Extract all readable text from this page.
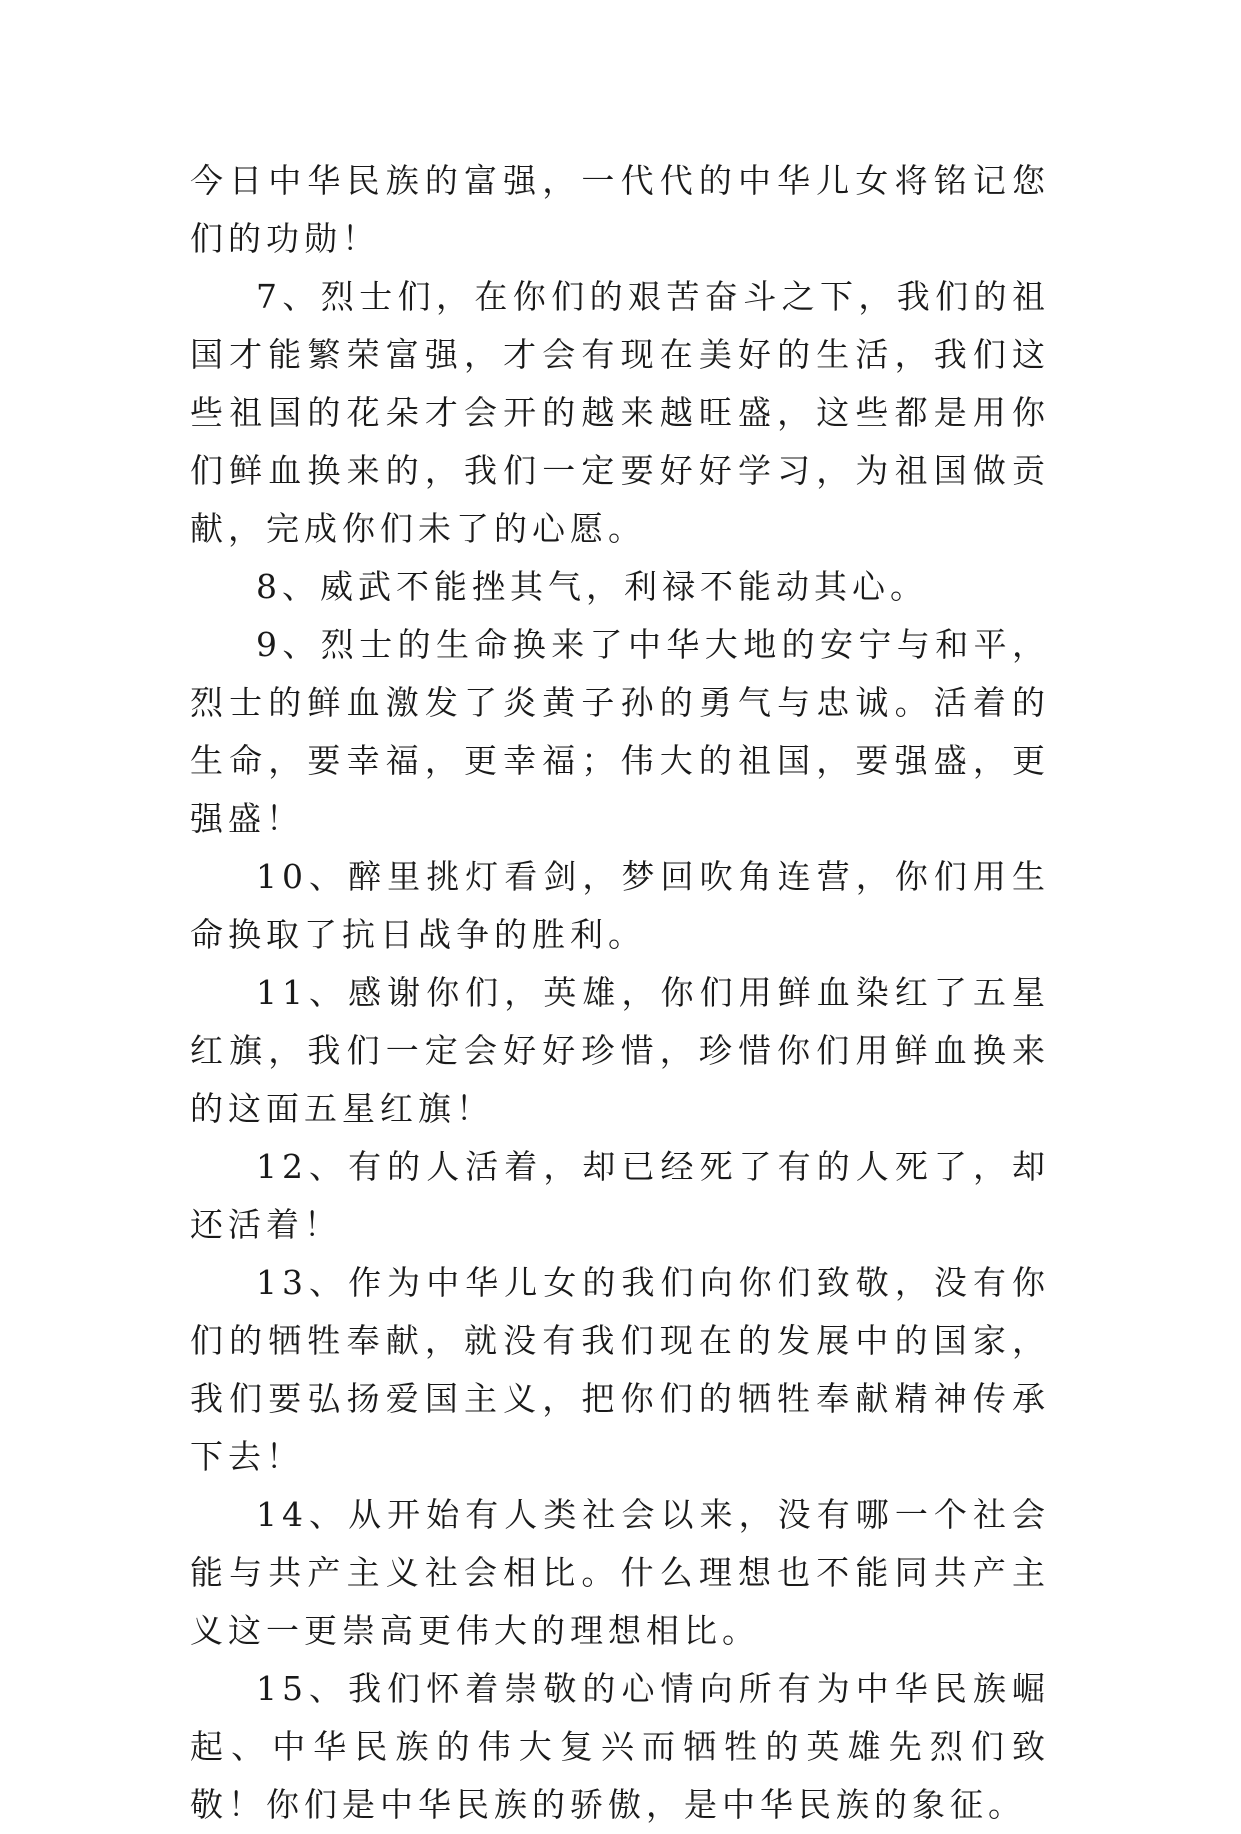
今日中华民族的富强，一代代的中华儿女将铭记您们的功勋！

7、烈士们，在你们的艰苦奋斗之下，我们的祖国才能繁荣富强，才会有现在美好的生活，我们这些祖国的花朵才会开的越来越旺盛，这些都是用你们鲜血换来的，我们一定要好好学习，为祖国做贡献，完成你们未了的心愿。

8、威武不能挫其气，利禄不能动其心。

9、烈士的生命换来了中华大地的安宁与和平，烈士的鲜血激发了炎黄子孙的勇气与忠诚。活着的生命，要幸福，更幸福；伟大的祖国，要强盛，更强盛！

10、醉里挑灯看剑，梦回吹角连营，你们用生命换取了抗日战争的胜利。

11、感谢你们，英雄，你们用鲜血染红了五星红旗，我们一定会好好珍惜，珍惜你们用鲜血换来的这面五星红旗！

12、有的人活着，却已经死了有的人死了，却还活着！

13、作为中华儿女的我们向你们致敬，没有你们的牺牲奉献，就没有我们现在的发展中的国家，我们要弘扬爱国主义，把你们的牺牲奉献精神传承下去！

14、从开始有人类社会以来，没有哪一个社会能与共产主义社会相比。什么理想也不能同共产主义这一更崇高更伟大的理想相比。

15、我们怀着崇敬的心情向所有为中华民族崛起、中华民族的伟大复兴而牺牲的英雄先烈们致敬！你们是中华民族的骄傲，是中华民族的象征。
